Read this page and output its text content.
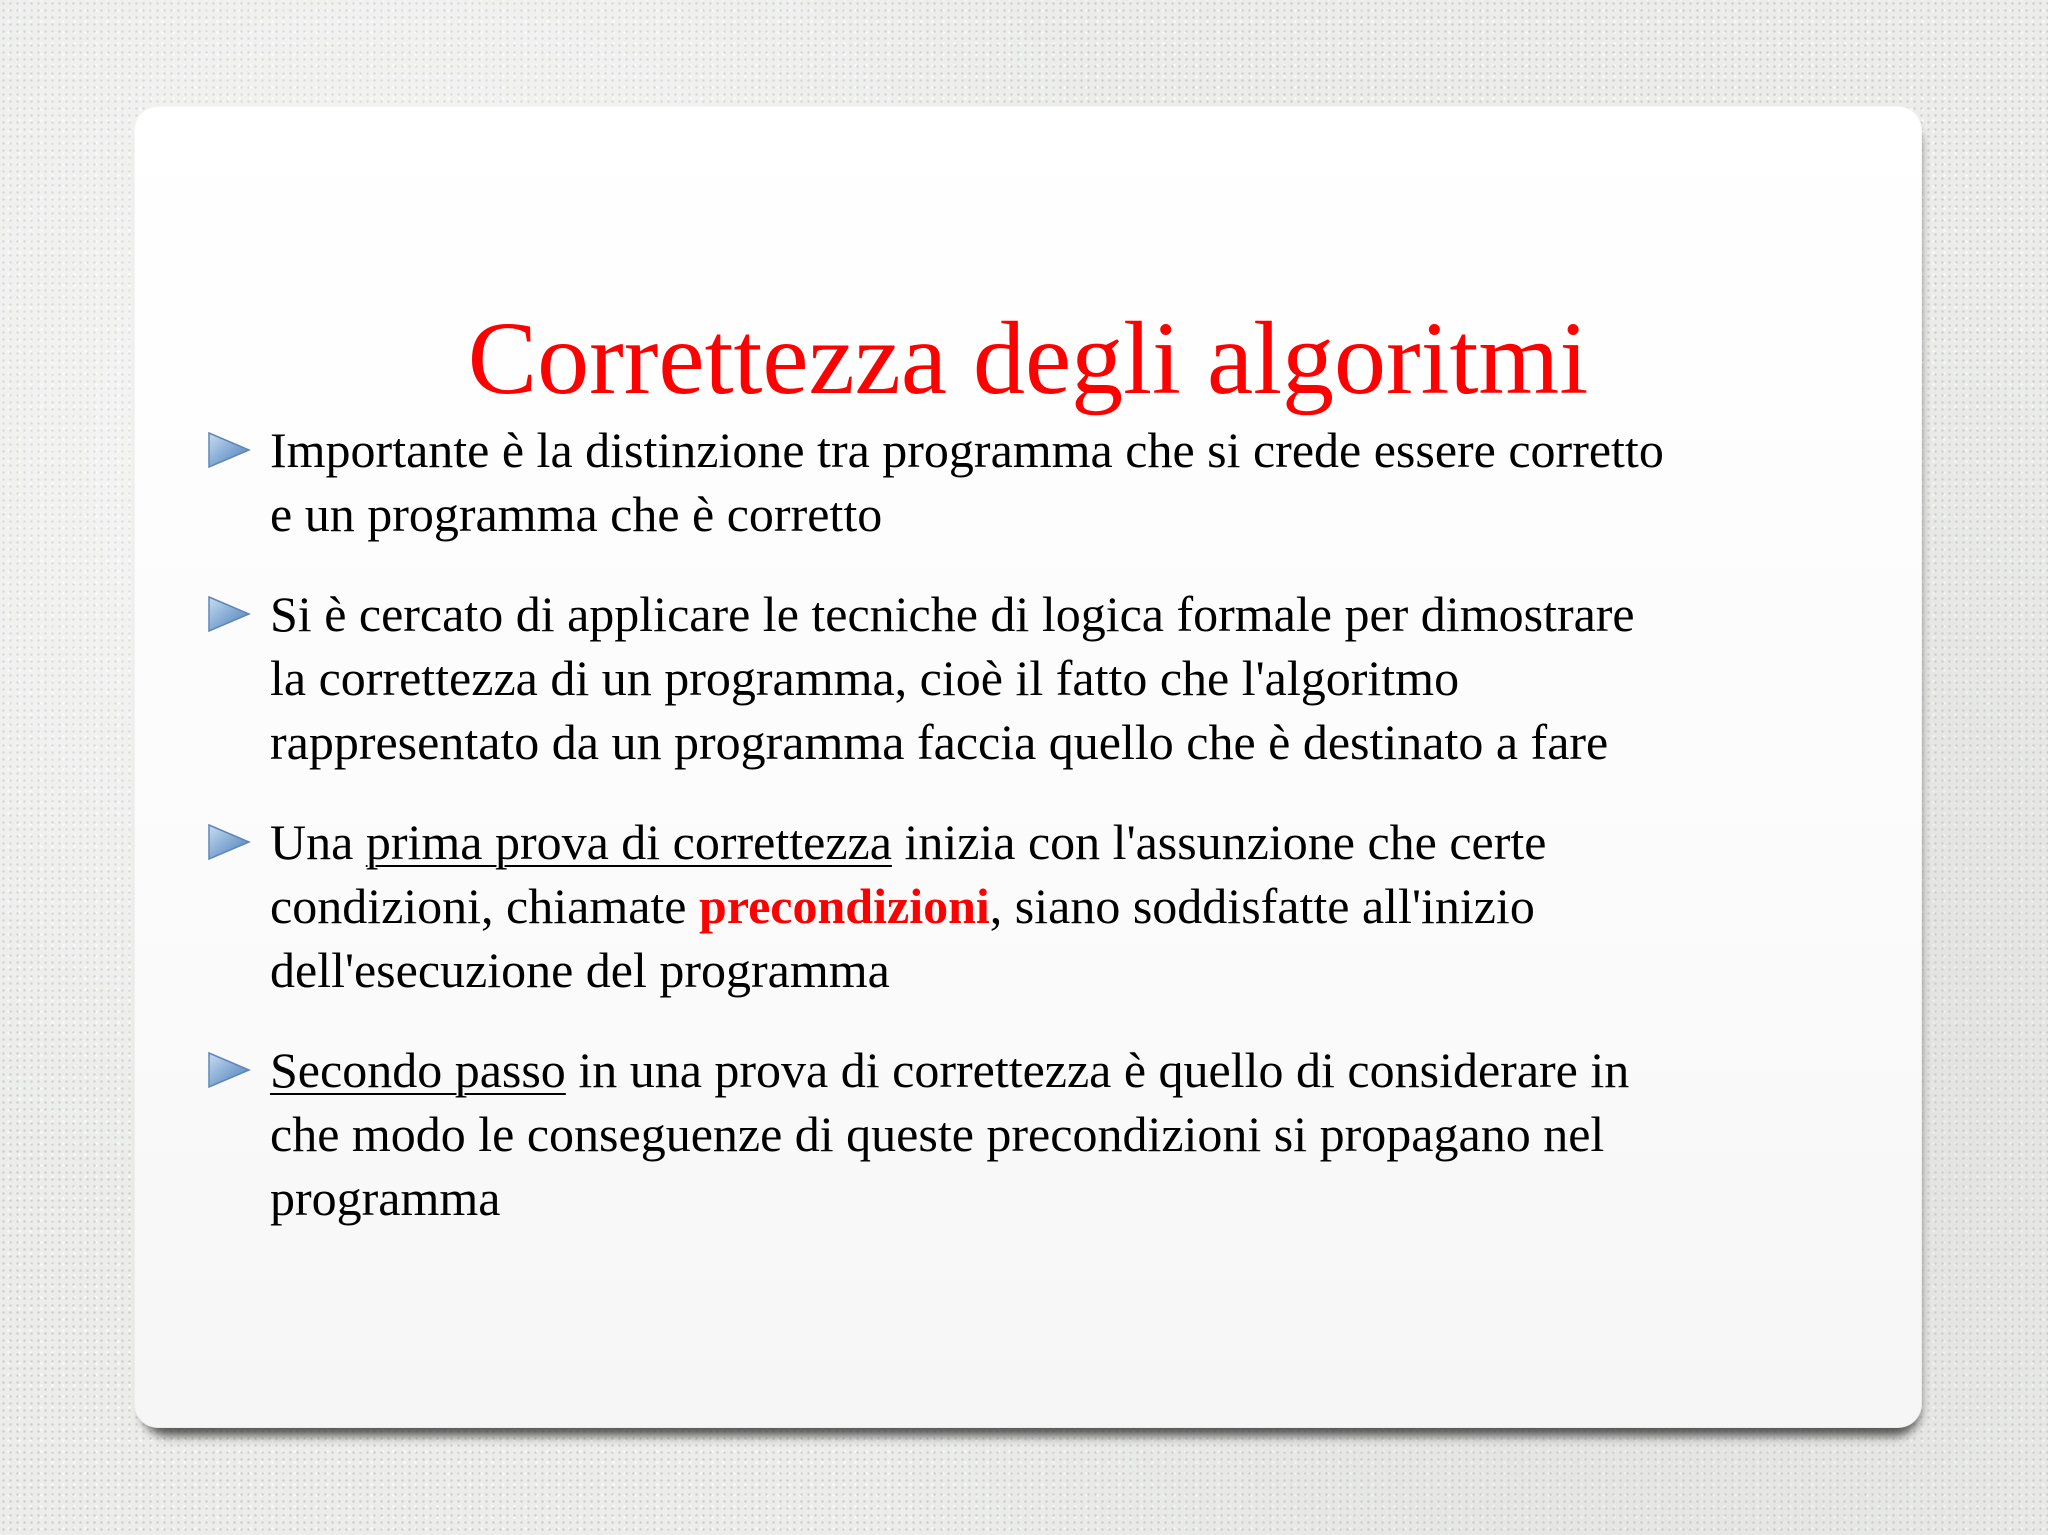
Correttezza degli algoritmi
Importante è la distinzione tra programma che si crede essere corretto
e un programma che è corretto
Si è cercato di applicare le tecniche di logica formale per dimostrare
la correttezza di un programma, cioè il fatto che l'algoritmo
rappresentato da un programma faccia quello che è destinato a fare
Una prima prova di correttezza inizia con l'assunzione che certe
condizioni, chiamate precondizioni, siano soddisfatte all'inizio
dell'esecuzione del programma
Secondo passo in una prova di correttezza è quello di considerare in
che modo le conseguenze di queste precondizioni si propagano nel
programma
